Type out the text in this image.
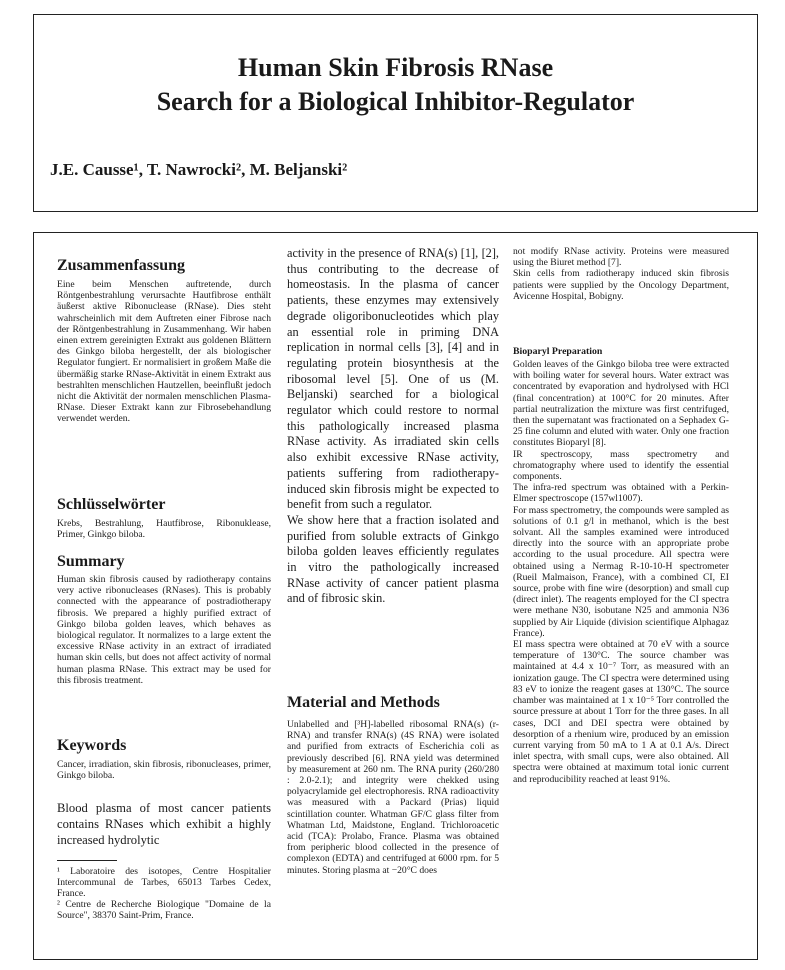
Human Skin Fibrosis RNase
Search for a Biological Inhibitor-Regulator
J.E. Causse¹, T. Nawrocki², M. Beljanski²
Zusammenfassung
Eine beim Menschen auftretende, durch Röntgenbestrahlung verursachte Hautfibrose enthält äußerst aktive Ribonuclease (RNase). Dies steht wahrscheinlich mit dem Auftreten einer Fibrose nach der Röntgenbestrahlung in Zusammenhang. Wir haben einen extrem gereinigten Extrakt aus goldenen Blättern des Ginkgo biloba hergestellt, der als biologischer Regulator fungiert. Er normalisiert in großem Maße die übermäßig starke RNase-Aktivität in einem Extrakt aus bestrahlten menschlichen Hautzellen, beeinflußt jedoch nicht die Aktivität der normalen menschlichen Plasma-RNase. Dieser Extrakt kann zur Fibrosebehandlung verwendet werden.
Schlüsselwörter
Krebs, Bestrahlung, Hautfibrose, Ribonuklease, Primer, Ginkgo biloba.
Summary
Human skin fibrosis caused by radiotherapy contains very active ribonucleases (RNases). This is probably connected with the appearance of postradiotherapy fibrosis. We prepared a highly purified extract of Ginkgo biloba golden leaves, which behaves as biological regulator. It normalizes to a large extent the excessive RNase activity in an extract of irradiated human skin cells, but does not affect activity of normal human plasma RNase. This extract may be used for this fibrosis treatment.
Keywords
Cancer, irradiation, skin fibrosis, ribonucleases, primer, Ginkgo biloba.
Blood plasma of most cancer patients contains RNases which exhibit a highly increased hydrolytic
¹ Laboratoire des isotopes, Centre Hospitalier Intercommunal de Tarbes, 65013 Tarbes Cedex, France.
² Centre de Recherche Biologique "Domaine de la Source", 38370 Saint-Prim, France.

activity in the presence of RNA(s) [1], [2], thus contributing to the decrease of homeostasis. In the plasma of cancer patients, these enzymes may extensively degrade oligoribonucleotides which play an essential role in priming DNA replication in normal cells [3], [4] and in regulating protein biosynthesis at the ribosomal level [5]. One of us (M. Beljanski) searched for a biological regulator which could restore to normal this pathologically increased plasma RNase activity. As irradiated skin cells also exhibit excessive RNase activity, patients suffering from radiotherapy-induced skin fibrosis might be expected to benefit from such a regulator.

We show here that a fraction isolated and purified from soluble extracts of Ginkgo biloba golden leaves efficiently regulates in vitro the pathologically increased RNase activity of cancer patient plasma and of fibrosic skin.

Material and Methods
Unlabelled and [³H]-labelled ribosomal RNA(s) (r-RNA) and transfer RNA(s) (4S RNA) were isolated and purified from extracts of Escherichia coli as previously described [6]. RNA yield was determined by measurement at 260 nm. The RNA purity (260/280 : 2.0-2.1); and integrity were chekked using polyacrylamide gel electrophoresis. RNA radioactivity was measured with a Packard (Prias) liquid scintillation counter. Whatman GF/C glass filter from Whatman Ltd, Maidstone, England. Trichloroacetic acid (TCA): Prolabo, France. Plasma was obtained from peripheric blood collected in the presence of complexon (EDTA) and centrifuged at 6000 rpm. for 5 minutes. Storing plasma at −20°C does

not modify RNase activity. Proteins were measured using the Biuret method [7].

Skin cells from radiotherapy induced skin fibrosis patients were supplied by the Oncology Department, Avicenne Hospital, Bobigny.

Bioparyl Preparation

Golden leaves of the Ginkgo biloba tree were extracted with boiling water for several hours. Water extract was concentrated by evaporation and hydrolysed with HCl (final concentration) at 100°C for 20 minutes. After partial neutralization the mixture was first centrifuged, then the supernatant was fractionated on a Sephadex G-25 fine column and eluted with water. Only one fraction constitutes Bioparyl [8].

IR spectroscopy, mass spectrometry and chromatography where used to identify the essential components.

The infra-red spectrum was obtained with a Perkin-Elmer spectroscope (157wl1007).

For mass spectrometry, the compounds were sampled as solutions of 0.1 g/l in methanol, which is the best solvant. All the samples examined were introduced directly into the source with an appropriate probe according to the usual procedure. All spectra were obtained using a Nermag R-10-10-H spectrometer (Rueil Malmaison, France), with a combined CI, EI source, probe with fine wire (desorption) and small cup (direct inlet). The reagents employed for the CI spectra were methane N30, isobutane N25 and ammonia N36 supplied by Air Liquide (division scientifique Alphagaz France).

EI mass spectra were obtained at 70 eV with a source temperature of 130°C. The source chamber was maintained at 4.4 x 10⁻⁷ Torr, as measured with an ionization gauge. The CI spectra were determined using 83 eV to ionize the reagent gases at 130°C. The source chamber was maintained at 1 x 10⁻⁵ Torr controlled the source pressure at about 1 Torr for the three gases. In all cases, DCI and DEI spectra were obtained by desorption of a rhenium wire, produced by an emission current varying from 50 mA to 1 A at 0.1 A/s. Direct inlet spectra, with small cups, were also obtained. All spectra were obtained at maximum total ionic current and reproducibility reached at least 91%.
